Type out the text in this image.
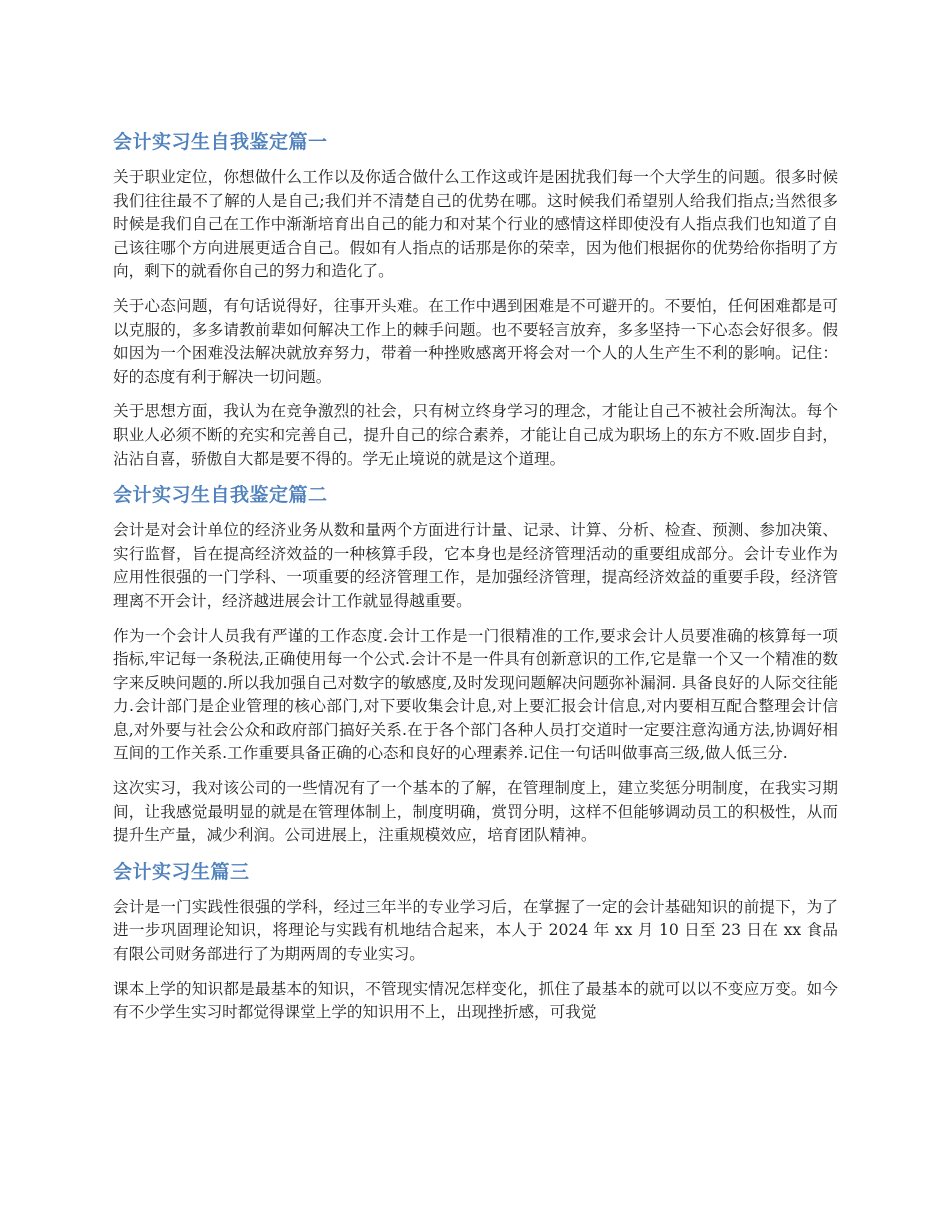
会计实习生自我鉴定篇一

关于职业定位，你想做什么工作以及你适合做什么工作这或许是困扰我们每一个大学生的问题。很多时候我们往往最不了解的人是自己;我们并不清楚自己的优势在哪。这时候我们希望别人给我们指点;当然很多时候是我们自己在工作中渐渐培育出自己的能力和对某个行业的感情这样即使没有人指点我们也知道了自己该往哪个方向进展更适合自己。假如有人指点的话那是你的荣幸，因为他们根据你的优势给你指明了方向，剩下的就看你自己的努力和造化了。

关于心态问题，有句话说得好，往事开头难。在工作中遇到困难是不可避开的。不要怕，任何困难都是可以克服的，多多请教前辈如何解决工作上的棘手问题。也不要轻言放弃，多多坚持一下心态会好很多。假如因为一个困难没法解决就放弃努力，带着一种挫败感离开将会对一个人的人生产生不利的影响。记住：好的态度有利于解决一切问题。

关于思想方面，我认为在竞争激烈的社会，只有树立终身学习的理念，才能让自己不被社会所淘汰。每个职业人必须不断的充实和完善自己，提升自己的综合素养，才能让自己成为职场上的东方不败.固步自封，沾沾自喜，骄傲自大都是要不得的。学无止境说的就是这个道理。

会计实习生自我鉴定篇二

会计是对会计单位的经济业务从数和量两个方面进行计量、记录、计算、分析、检查、预测、参加决策、实行监督，旨在提高经济效益的一种核算手段，它本身也是经济管理活动的重要组成部分。会计专业作为应用性很强的一门学科、一项重要的经济管理工作，是加强经济管理，提高经济效益的重要手段，经济管理离不开会计，经济越进展会计工作就显得越重要。

作为一个会计人员我有严谨的工作态度.会计工作是一门很精准的工作,要求会计人员要准确的核算每一项指标,牢记每一条税法,正确使用每一个公式.会计不是一件具有创新意识的工作,它是靠一个又一个精准的数字来反映问题的.所以我加强自己对数字的敏感度,及时发现问题解决问题弥补漏洞. 具备良好的人际交往能力.会计部门是企业管理的核心部门,对下要收集会计息,对上要汇报会计信息,对内要相互配合整理会计信息,对外要与社会公众和政府部门搞好关系.在于各个部门各种人员打交道时一定要注意沟通方法,协调好相互间的工作关系.工作重要具备正确的心态和良好的心理素养.记住一句话叫做事高三级,做人低三分.

这次实习，我对该公司的一些情况有了一个基本的了解，在管理制度上，建立奖惩分明制度，在我实习期间，让我感觉最明显的就是在管理体制上，制度明确，赏罚分明，这样不但能够调动员工的积极性，从而提升生产量，减少利润。公司进展上，注重规模效应，培育团队精神。

会计实习生篇三

会计是一门实践性很强的学科，经过三年半的专业学习后，在掌握了一定的会计基础知识的前提下，为了进一步巩固理论知识，将理论与实践有机地结合起来，本人于 2024 年 xx 月 10 日至 23 日在 xx 食品有限公司财务部进行了为期两周的专业实习。

课本上学的知识都是最基本的知识，不管现实情况怎样变化，抓住了最基本的就可以以不变应万变。如今有不少学生实习时都觉得课堂上学的知识用不上，出现挫折感，可我觉
